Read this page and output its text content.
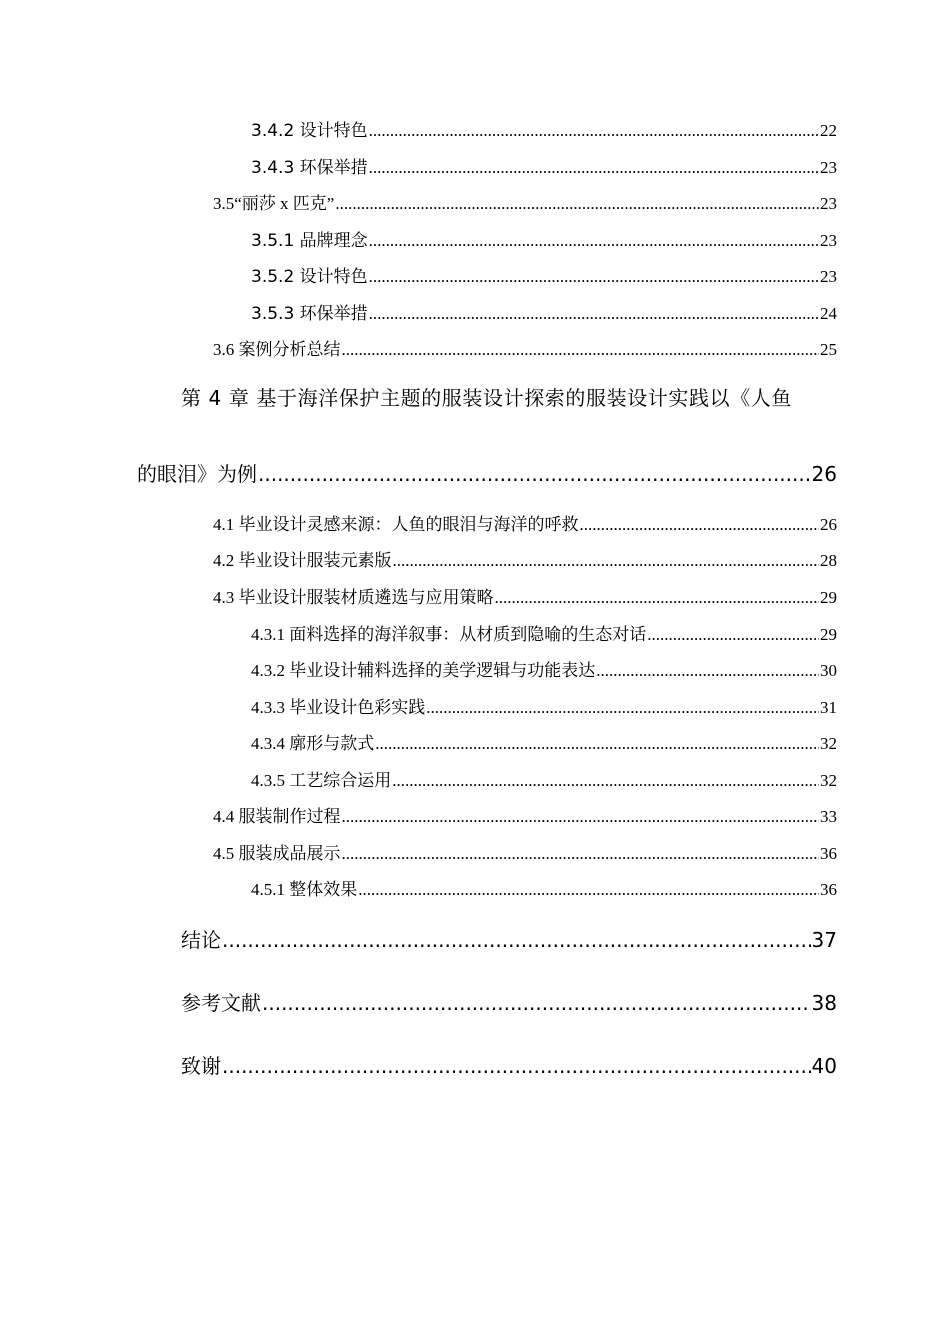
3.4.2 设计特色 .....	22
3.4.3 环保举措 .....	23
3.5“丽莎 x 匹克” .....	23
3.5.1 品牌理念 .....	23
3.5.2 设计特色 .....	23
3.5.3 环保举措 .....	24
3.6 案例分析总结 .....	25
第 4 章 基于海洋保护主题的服装设计探索的服装设计实践以《人鱼
的眼泪》为例 .....	26
4.1 毕业设计灵感来源：人鱼的眼泪与海洋的呼救 .....	26
4.2 毕业设计服装元素版 .....	28
4.3 毕业设计服装材质遴选与应用策略 .....	29
4.3.1 面料选择的海洋叙事：从材质到隐喻的生态对话 .....	29
4.3.2 毕业设计辅料选择的美学逻辑与功能表达 .....	30
4.3.3 毕业设计色彩实践 .....	31
4.3.4 廓形与款式 .....	32
4.3.5 工艺综合运用 .....	32
4.4 服装制作过程 .....	33
4.5 服装成品展示 .....	36
4.5.1 整体效果 .....	36
结论 .....	37
参考文献 .....	38
致谢 .....	40
